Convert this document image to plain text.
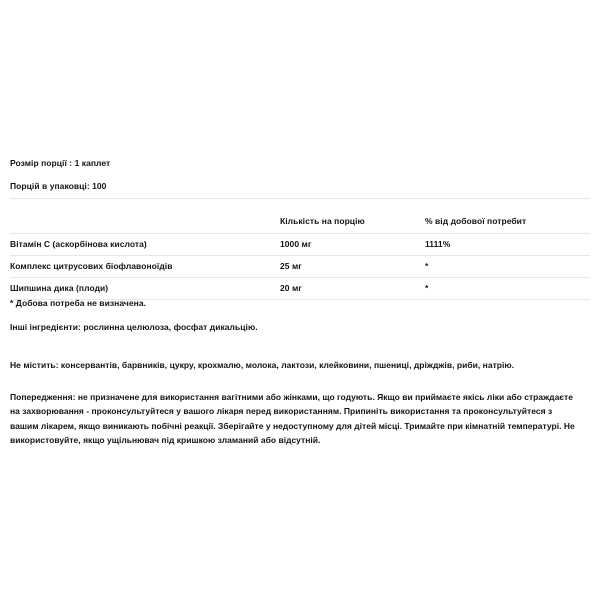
Розмір порції : 1 каплет

Порцій в упаковці: 100

	Кількість на порцію	% від добової потребит
Вітамін С (аскорбінова кислота)	1000 мг	1111%
Комплекс цитрусових біофлавоноїдів	25 мг	*
Шипшина дика (плоди)	20 мг	*

* Добова потреба не визначена.

Інші інгредієнти: рослинна целюлоза, фосфат дикальцію.

Не містить: консервантів, барвників, цукру, крохмалю, молока, лактози, клейковини, пшениці, дріжджів, риби, натрію.

Попередження: не призначене для використання вагітними або жінками, що годують. Якщо ви приймаєте якісь ліки або страждаєте на захворювання - проконсультуйтеся у вашого лікаря перед використанням. Припиніть використання та проконсультуйтеся з вашим лікарем, якщо виникають побічні реакції. Зберігайте у недоступному для дітей місці. Тримайте при кімнатній температурі. Не використовуйте, якщо ущільнювач під кришкою зламаний або відсутній.
